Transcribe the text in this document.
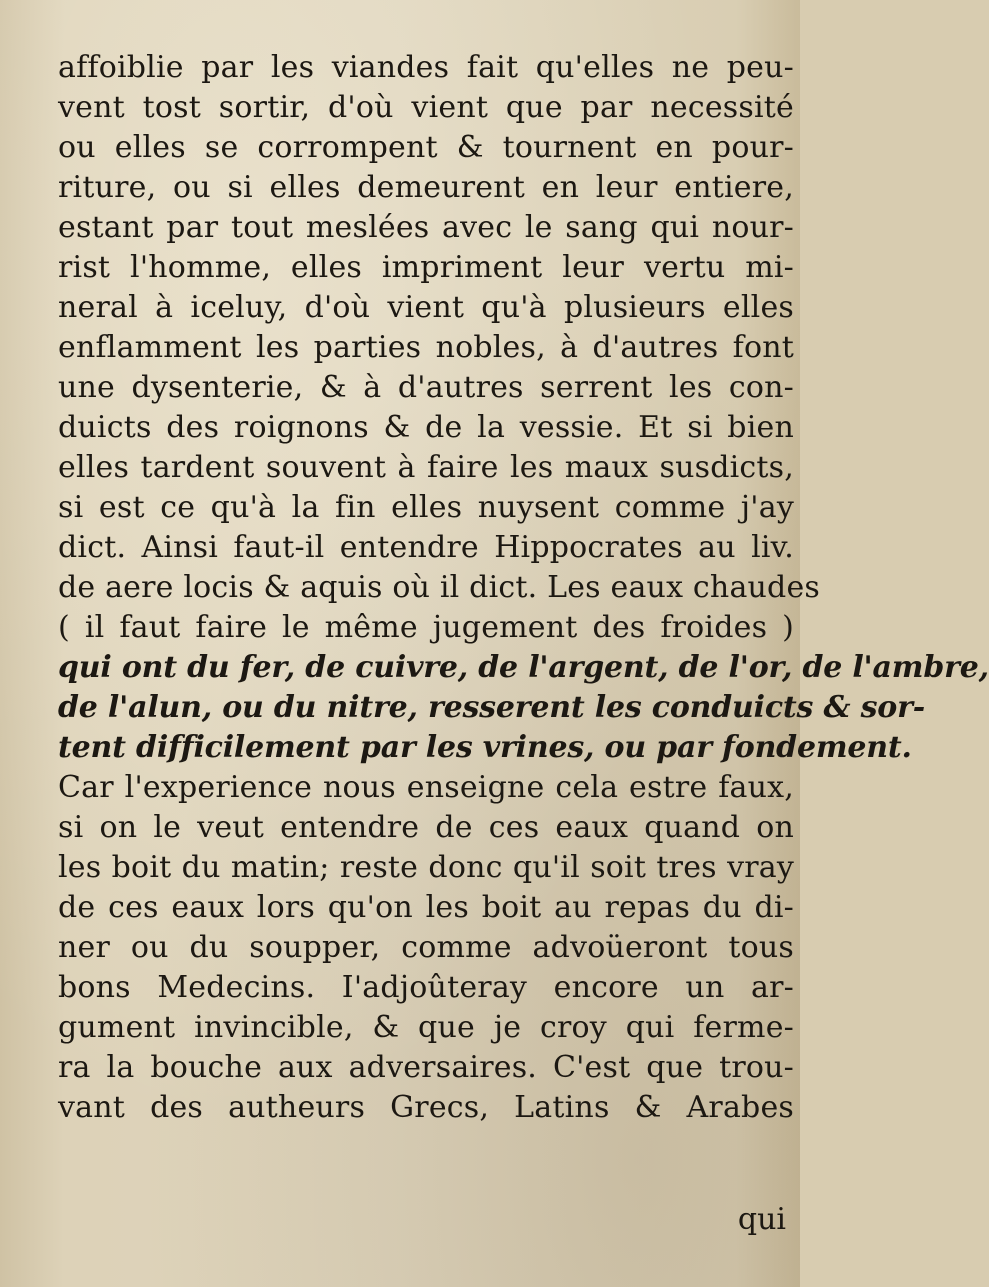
affoiblie par les viandes fait qu'elles ne peu-
vent tost sortir, d'où vient que par necessité
ou elles se corrompent & tournent en pour-
riture, ou si elles demeurent en leur entiere,
estant par tout meslées avec le sang qui nour-
rist l'homme, elles impriment leur vertu mi-
neral à iceluy, d'où vient qu'à plusieurs elles
enflamment les parties nobles, à d'autres font
une dysenterie, & à d'autres serrent les con-
duicts des roignons & de la vessie. Et si bien
elles tardent souvent à faire les maux susdicts,
si est ce qu'à la fin elles nuysent comme j'ay
dict. Ainsi faut-il entendre Hippocrates au liv.
de aere locis & aquis où il dict. Les eaux chaudes
( il faut faire le même jugement des froides )
qui ont du fer, de cuivre, de l'argent, de l'or, de l'ambre,
de l'alun, ou du nitre, resserent les conduicts & sor-
tent difficilement par les vrines, ou par fondement.
Car l'experience nous enseigne cela estre faux,
si on le veut entendre de ces eaux quand on
les boit du matin; reste donc qu'il soit tres vray
de ces eaux lors qu'on les boit au repas du di-
ner ou du soupper, comme advoüeront tous
bons Medecins. I'adjoûteray encore un ar-
gument invincible, & que je croy qui ferme-
ra la bouche aux adversaires. C'est que trou-
vant des autheurs Grecs, Latins & Arabes
qui
